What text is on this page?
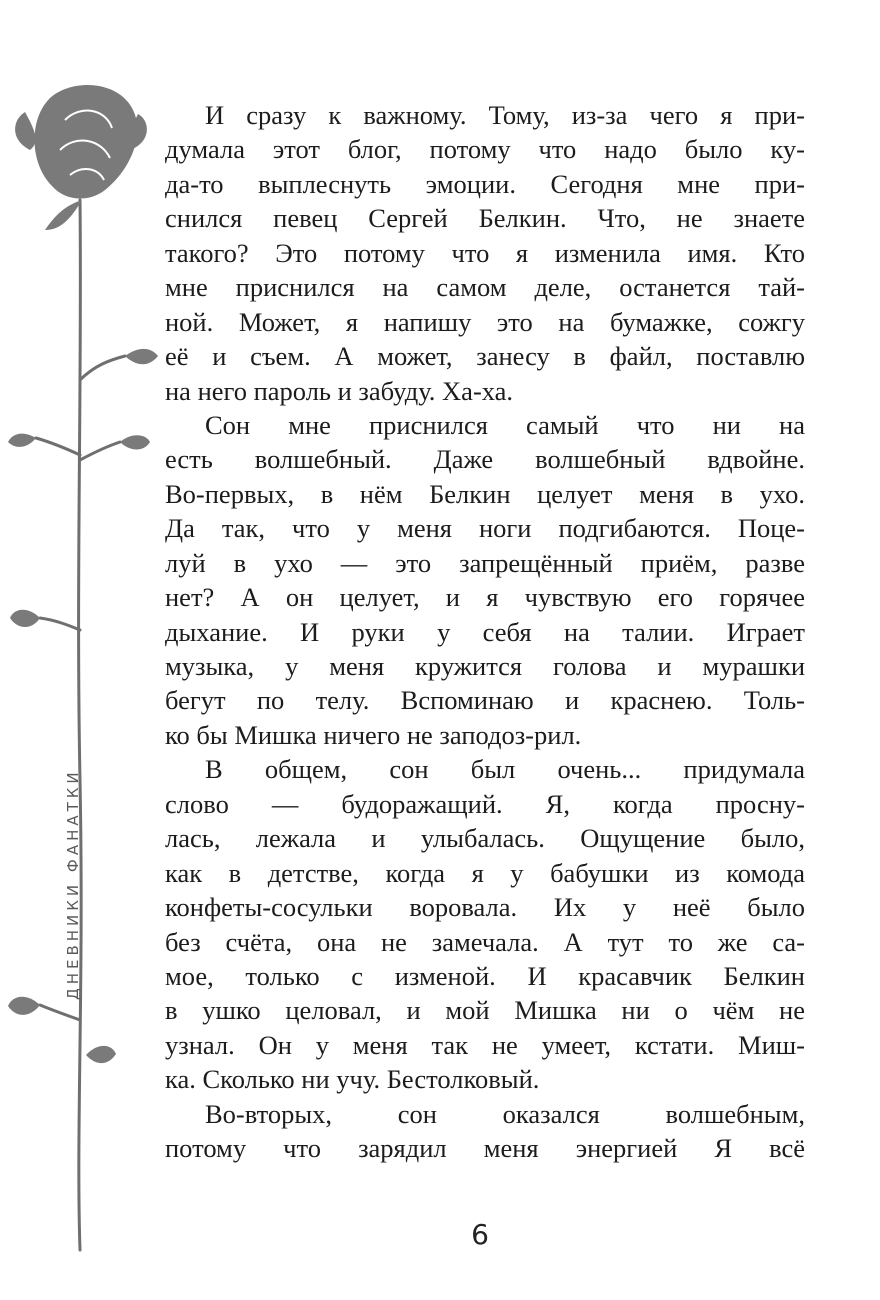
ДНЕВНИКИ ФАНАТКИ
И сразу к важному. Тому, из-за чего я при-
думала этот блог, потому что надо было ку-
да-то выплеснуть эмоции. Сегодня мне при-
снился певец Сергей Белкин. Что, не знаете
такого? Это потому что я изменила имя. Кто
мне приснился на самом деле, останется тай-
ной. Может, я напишу это на бумажке, сожгу
её и съем. А может, занесу в файл, поставлю
на него пароль и забуду. Ха-ха.
Сон мне приснился самый что ни на
есть волшебный. Даже волшебный вдвойне.
Во-первых, в нём Белкин целует меня в ухо.
Да так, что у меня ноги подгибаются. Поце-
луй в ухо — это запрещённый приём, разве
нет? А он целует, и я чувствую его горячее
дыхание. И руки у себя на талии. Играет
музыка, у меня кружится голова и мурашки
бегут по телу. Вспоминаю и краснею. Толь-
ко бы Мишка ничего не заподоз-рил.
В общем, сон был очень... придумала
слово — будоражащий. Я, когда просну-
лась, лежала и улыбалась. Ощущение было,
как в детстве, когда я у бабушки из комода
конфеты-сосульки воровала. Их у неё было
без счёта, она не замечала. А тут то же са-
мое, только с изменой. И красавчик Белкин
в ушко целовал, и мой Мишка ни о чём не
узнал. Он у меня так не умеет, кстати. Миш-
ка. Сколько ни учу. Бестолковый.
Во-вторых, сон оказался волшебным,
потому что зарядил меня энергией Я всё
6
